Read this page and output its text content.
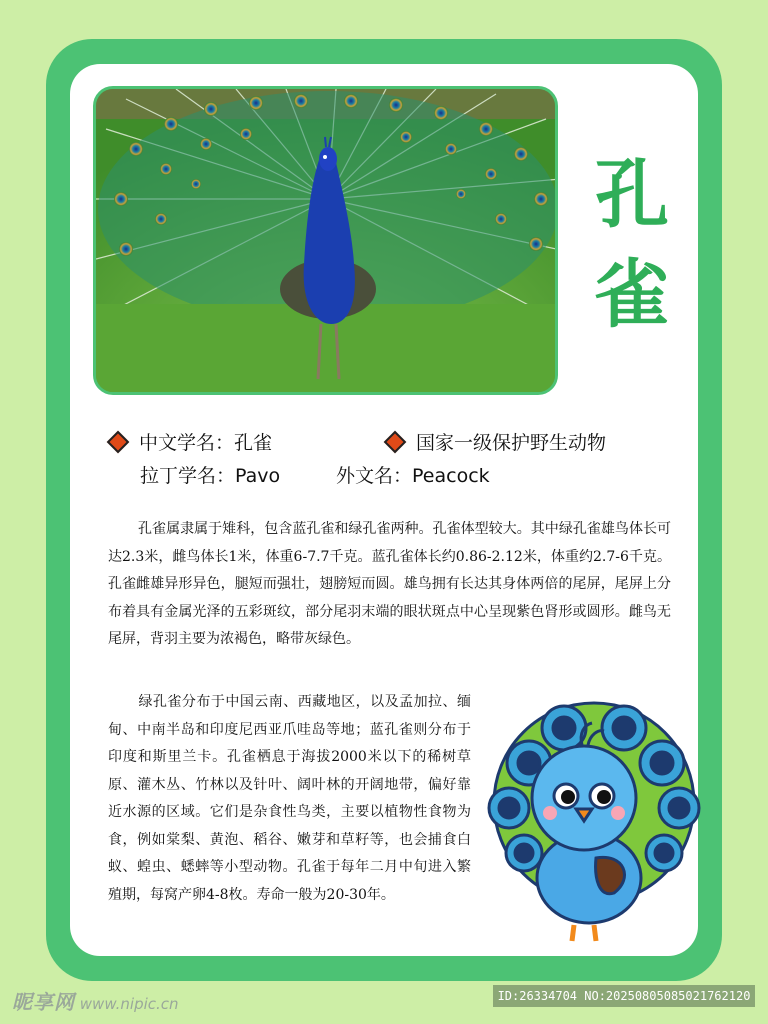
孔
雀
中文学名：孔雀	国家一级保护野生动物
拉丁学名：Pavo	外文名：Peacock

孔雀属隶属于雉科，包含蓝孔雀和绿孔雀两种。孔雀体型较大。其中绿孔雀雄鸟体长可达2.3米，雌鸟体长1米，体重6-7.7千克。蓝孔雀体长约0.86-2.12米，体重约2.7-6千克。孔雀雌雄异形异色，腿短而强壮，翅膀短而圆。雄鸟拥有长达其身体两倍的尾屏，尾屏上分布着具有金属光泽的五彩斑纹，部分尾羽末端的眼状斑点中心呈现紫色肾形或圆形。雌鸟无尾屏，背羽主要为浓褐色，略带灰绿色。

绿孔雀分布于中国云南、西藏地区，以及孟加拉、缅甸、中南半岛和印度尼西亚爪哇岛等地；蓝孔雀则分布于印度和斯里兰卡。孔雀栖息于海拔2000米以下的稀树草原、灌木丛、竹林以及针叶、阔叶林的开阔地带，偏好靠近水源的区域。它们是杂食性鸟类，主要以植物性食物为食，例如棠梨、黄泡、稻谷、嫩芽和草籽等，也会捕食白蚁、蝗虫、蟋蟀等小型动物。孔雀于每年二月中旬进入繁殖期，每窝产卵4-8枚。寿命一般为20-30年。

昵享网 www.nipic.cn	ID:26334704 NO:20250805085021762120
